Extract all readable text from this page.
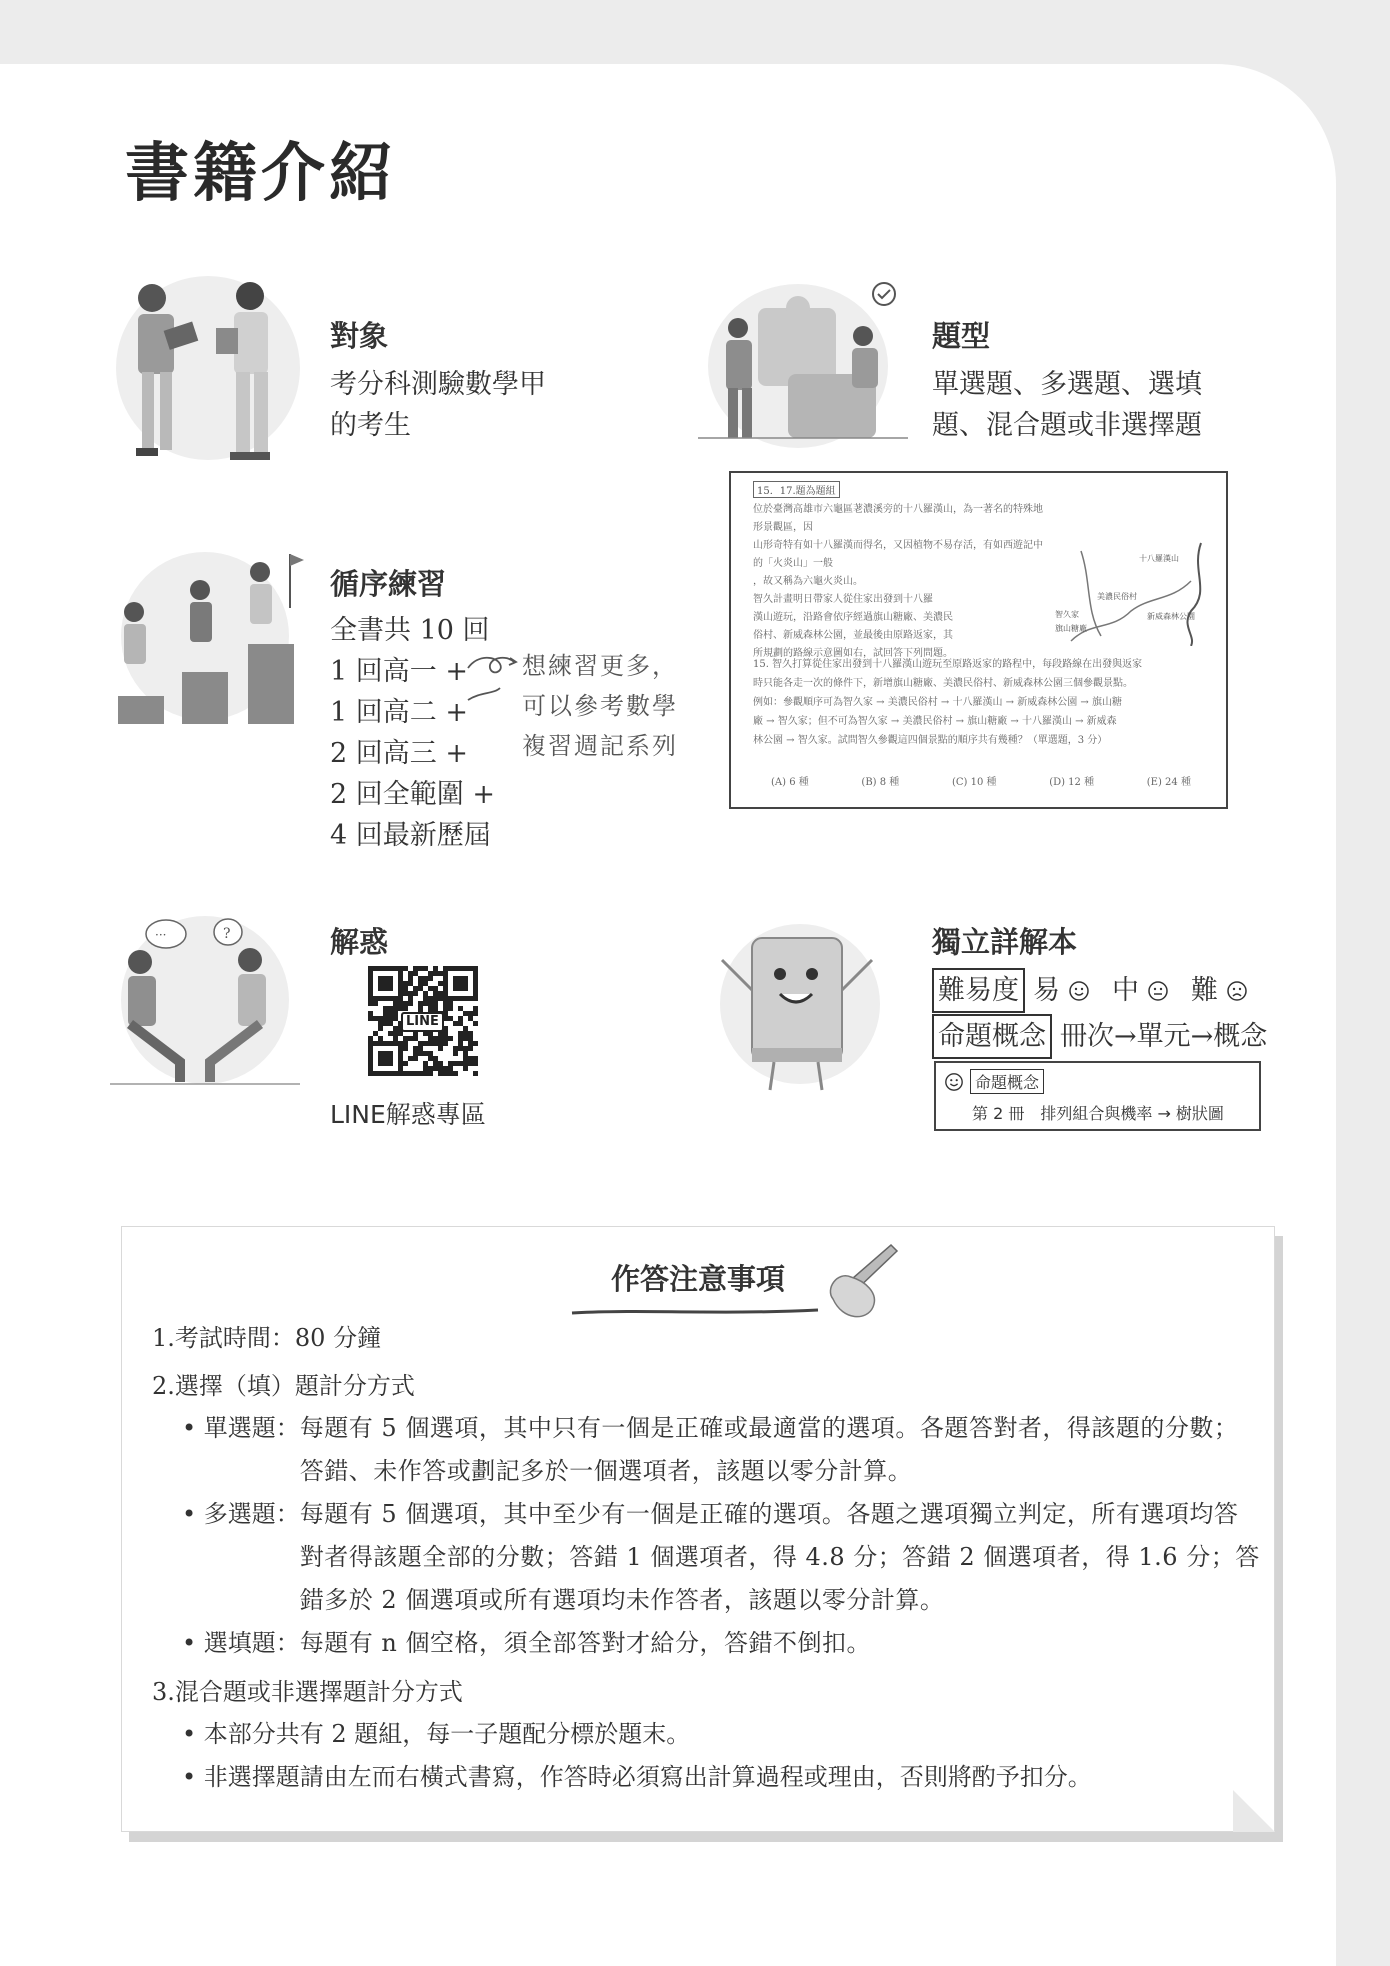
書籍介紹
對象
考分科測驗數學甲
的考生
題型
單選題、多選題、選填
題、混合題或非選擇題
15．17.題為題組
位於臺灣高雄市六龜區荖濃溪旁的十八羅漢山，為一著名的特殊地形景觀區，因
山形奇特有如十八羅漢而得名，又因植物不易存活，有如西遊記中的「火炎山」一般
，故又稱為六龜火炎山。
智久計畫明日帶家人從住家出發到十八羅
漢山遊玩，沿路會依序經過旗山糖廠、美濃民
俗村、新威森林公園，並最後由原路返家，其
所規劃的路線示意圖如右，試回答下列問題。
十八羅漢山
美濃民俗村
新威森林公園
旗山糖廠
智久家
15. 智久打算從住家出發到十八羅漢山遊玩至原路返家的路程中，每段路線在出發與返家
時只能各走一次的條件下，新增旗山糖廠、美濃民俗村、新威森林公園三個參觀景點。
例如：參觀順序可為智久家 → 美濃民俗村 → 十八羅漢山 → 新威森林公園 → 旗山糖
廠 → 智久家；但不可為智久家 → 美濃民俗村 → 旗山糖廠 → 十八羅漢山 → 新威森
林公園 → 智久家。試問智久參觀這四個景點的順序共有幾種？（單選題，3 分）
(A) 6 種	(B) 8 種	(C) 10 種	(D) 12 種	(E) 24 種
循序練習
全書共 10 回
1 回高一 +
1 回高二 +
2 回高三 +
2 回全範圍 +
4 回最新歷屆
想練習更多，
可以參考數學
複習週記系列
···	?	解惑
LINE
LINE解惑專區
獨立詳解本
難易度 易 中 難
命題概念 冊次→單元→概念
命題概念
第 2 冊　排列組合與機率 → 樹狀圖
作答注意事項
1.考試時間：80 分鐘
2.選擇（填）題計分方式
• 單選題： 每題有 5 個選項，其中只有一個是正確或最適當的選項。各題答對者，得該題的分數；答錯、未作答或劃記多於一個選項者，該題以零分計算。
• 多選題： 每題有 5 個選項，其中至少有一個是正確的選項。各題之選項獨立判定，所有選項均答對者得該題全部的分數；答錯 1 個選項者，得 4.8 分；答錯 2 個選項者，得 1.6 分；答錯多於 2 個選項或所有選項均未作答者，該題以零分計算。
• 選填題： 每題有 n 個空格，須全部答對才給分，答錯不倒扣。
3.混合題或非選擇題計分方式
• 本部分共有 2 題組，每一子題配分標於題末。
• 非選擇題請由左而右橫式書寫，作答時必須寫出計算過程或理由，否則將酌予扣分。
